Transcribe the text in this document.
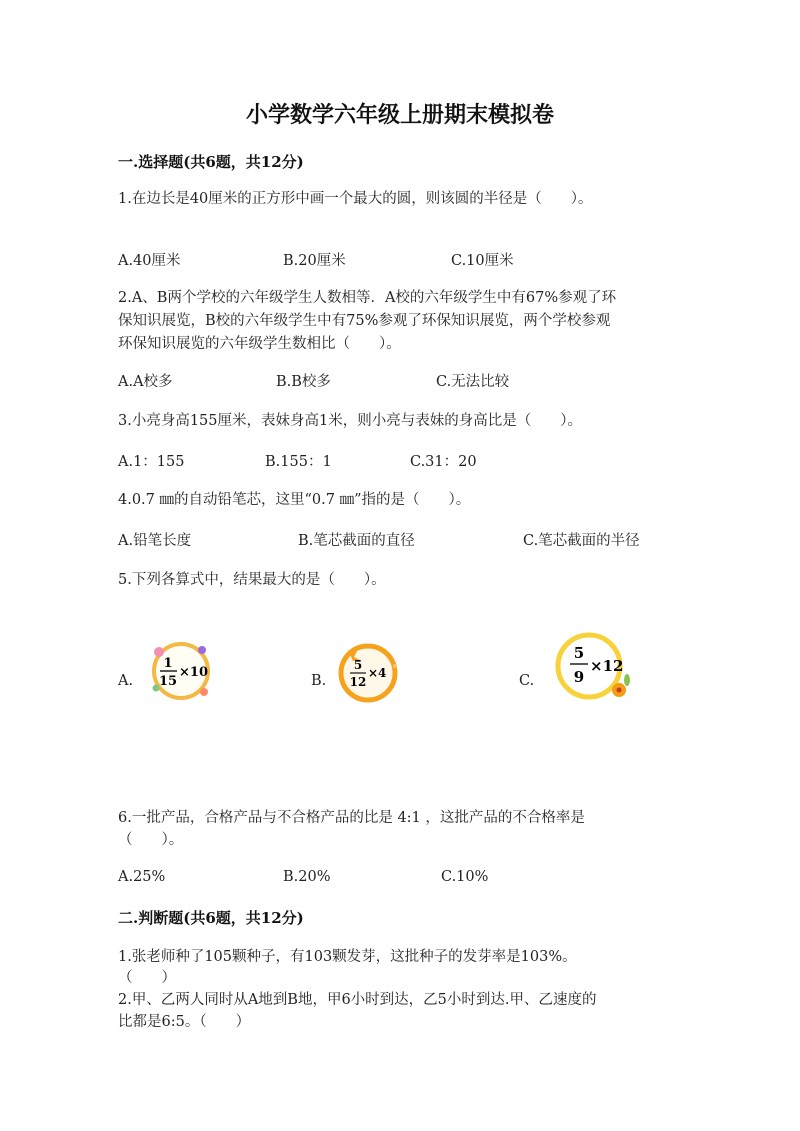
小学数学六年级上册期末模拟卷
一.选择题(共6题，共12分)
1.在边长是40厘米的正方形中画一个最大的圆，则该圆的半径是（　　）。
A.40厘米	B.20厘米	C.10厘米
2.A、B两个学校的六年级学生人数相等．A校的六年级学生中有67%参观了环
保知识展览，B校的六年级学生中有75%参观了环保知识展览，两个学校参观
环保知识展览的六年级学生数相比（　　）。
A.A校多	B.B校多	C.无法比较
3.小亮身高155厘米，表妹身高1米，则小亮与表妹的身高比是（　　）。
A.1：155	B.155：1	C.31：20
4.0.7 ㎜的自动铅笔芯，这里“0.7 ㎜”指的是（　　）。
A.铅笔长度	B.笔芯截面的直径	C.笔芯截面的半径
5.下列各算式中，结果最大的是（　　）。
A.	B.	C.
1
15
×10	5
12
×4
5
9
×12
6.一批产品，合格产品与不合格产品的比是 4:1 ，这批产品的不合格率是
（　　）。
A.25%	B.20%	C.10%
二.判断题(共6题，共12分)
1.张老师种了105颗种子，有103颗发芽，这批种子的发芽率是103%。
（　　）
2.甲、乙两人同时从A地到B地，甲6小时到达，乙5小时到达.甲、乙速度的
比都是6:5。（　　）
